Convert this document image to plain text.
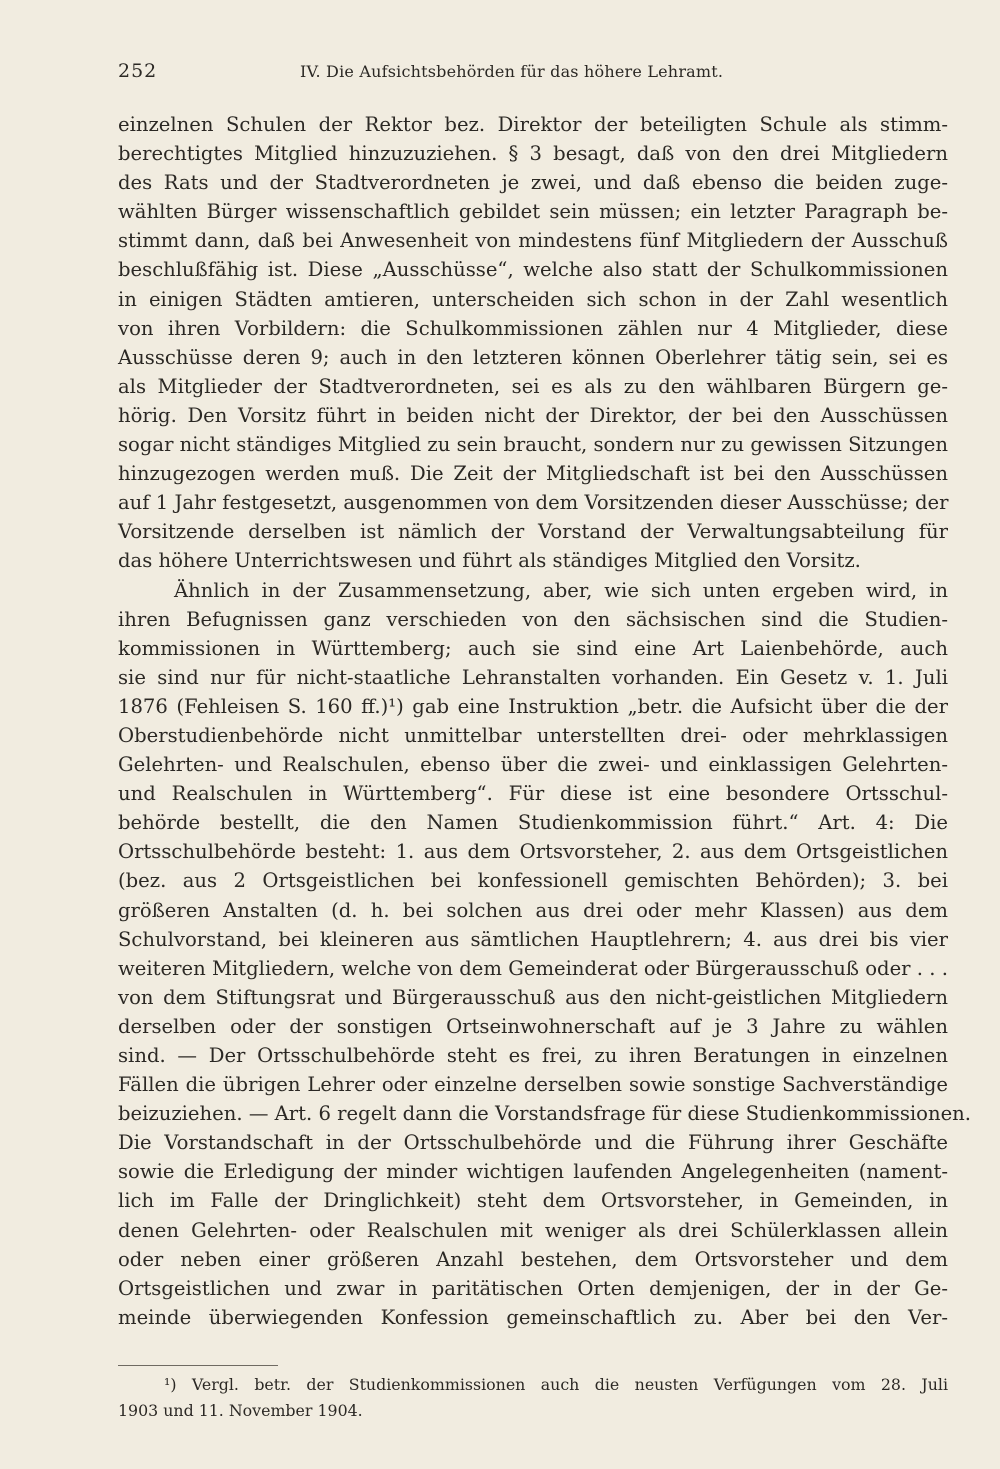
252	IV. Die Aufsichtsbehörden für das höhere Lehramt.
einzelnen Schulen der Rektor bez. Direktor der beteiligten Schule als stimm-
berechtigtes Mitglied hinzuzuziehen. § 3 besagt, daß von den drei Mitgliedern
des Rats und der Stadtverordneten je zwei, und daß ebenso die beiden zuge-
wählten Bürger wissenschaftlich gebildet sein müssen; ein letzter Paragraph be-
stimmt dann, daß bei Anwesenheit von mindestens fünf Mitgliedern der Ausschuß
beschlußfähig ist. Diese „Ausschüsse“, welche also statt der Schulkommissionen
in einigen Städten amtieren, unterscheiden sich schon in der Zahl wesentlich
von ihren Vorbildern: die Schulkommissionen zählen nur 4 Mitglieder, diese
Ausschüsse deren 9; auch in den letzteren können Oberlehrer tätig sein, sei es
als Mitglieder der Stadtverordneten, sei es als zu den wählbaren Bürgern ge-
hörig. Den Vorsitz führt in beiden nicht der Direktor, der bei den Ausschüssen
sogar nicht ständiges Mitglied zu sein braucht, sondern nur zu gewissen Sitzungen
hinzugezogen werden muß. Die Zeit der Mitgliedschaft ist bei den Ausschüssen
auf 1 Jahr festgesetzt, ausgenommen von dem Vorsitzenden dieser Ausschüsse; der
Vorsitzende derselben ist nämlich der Vorstand der Verwaltungsabteilung für
das höhere Unterrichtswesen und führt als ständiges Mitglied den Vorsitz.
Ähnlich in der Zusammensetzung, aber, wie sich unten ergeben wird, in
ihren Befugnissen ganz verschieden von den sächsischen sind die Studien-
kommissionen in Württemberg; auch sie sind eine Art Laienbehörde, auch
sie sind nur für nicht-staatliche Lehranstalten vorhanden. Ein Gesetz v. 1. Juli
1876 (Fehleisen S. 160 ff.)¹) gab eine Instruktion „betr. die Aufsicht über die der
Oberstudienbehörde nicht unmittelbar unterstellten drei- oder mehrklassigen
Gelehrten- und Realschulen, ebenso über die zwei- und einklassigen Gelehrten-
und Realschulen in Württemberg“. Für diese ist eine besondere Ortsschul-
behörde bestellt, die den Namen Studienkommission führt.“ Art. 4: Die
Ortsschulbehörde besteht: 1. aus dem Ortsvorsteher, 2. aus dem Ortsgeistlichen
(bez. aus 2 Ortsgeistlichen bei konfessionell gemischten Behörden); 3. bei
größeren Anstalten (d. h. bei solchen aus drei oder mehr Klassen) aus dem
Schulvorstand, bei kleineren aus sämtlichen Hauptlehrern; 4. aus drei bis vier
weiteren Mitgliedern, welche von dem Gemeinderat oder Bürgerausschuß oder . . .
von dem Stiftungsrat und Bürgerausschuß aus den nicht-geistlichen Mitgliedern
derselben oder der sonstigen Ortseinwohnerschaft auf je 3 Jahre zu wählen
sind. — Der Ortsschulbehörde steht es frei, zu ihren Beratungen in einzelnen
Fällen die übrigen Lehrer oder einzelne derselben sowie sonstige Sachverständige
beizuziehen. — Art. 6 regelt dann die Vorstandsfrage für diese Studienkommissionen.
Die Vorstandschaft in der Ortsschulbehörde und die Führung ihrer Geschäfte
sowie die Erledigung der minder wichtigen laufenden Angelegenheiten (nament-
lich im Falle der Dringlichkeit) steht dem Ortsvorsteher, in Gemeinden, in
denen Gelehrten- oder Realschulen mit weniger als drei Schülerklassen allein
oder neben einer größeren Anzahl bestehen, dem Ortsvorsteher und dem
Ortsgeistlichen und zwar in paritätischen Orten demjenigen, der in der Ge-
meinde überwiegenden Konfession gemeinschaftlich zu. Aber bei den Ver-
¹) Vergl. betr. der Studienkommissionen auch die neusten Verfügungen vom 28. Juli
1903 und 11. November 1904.
